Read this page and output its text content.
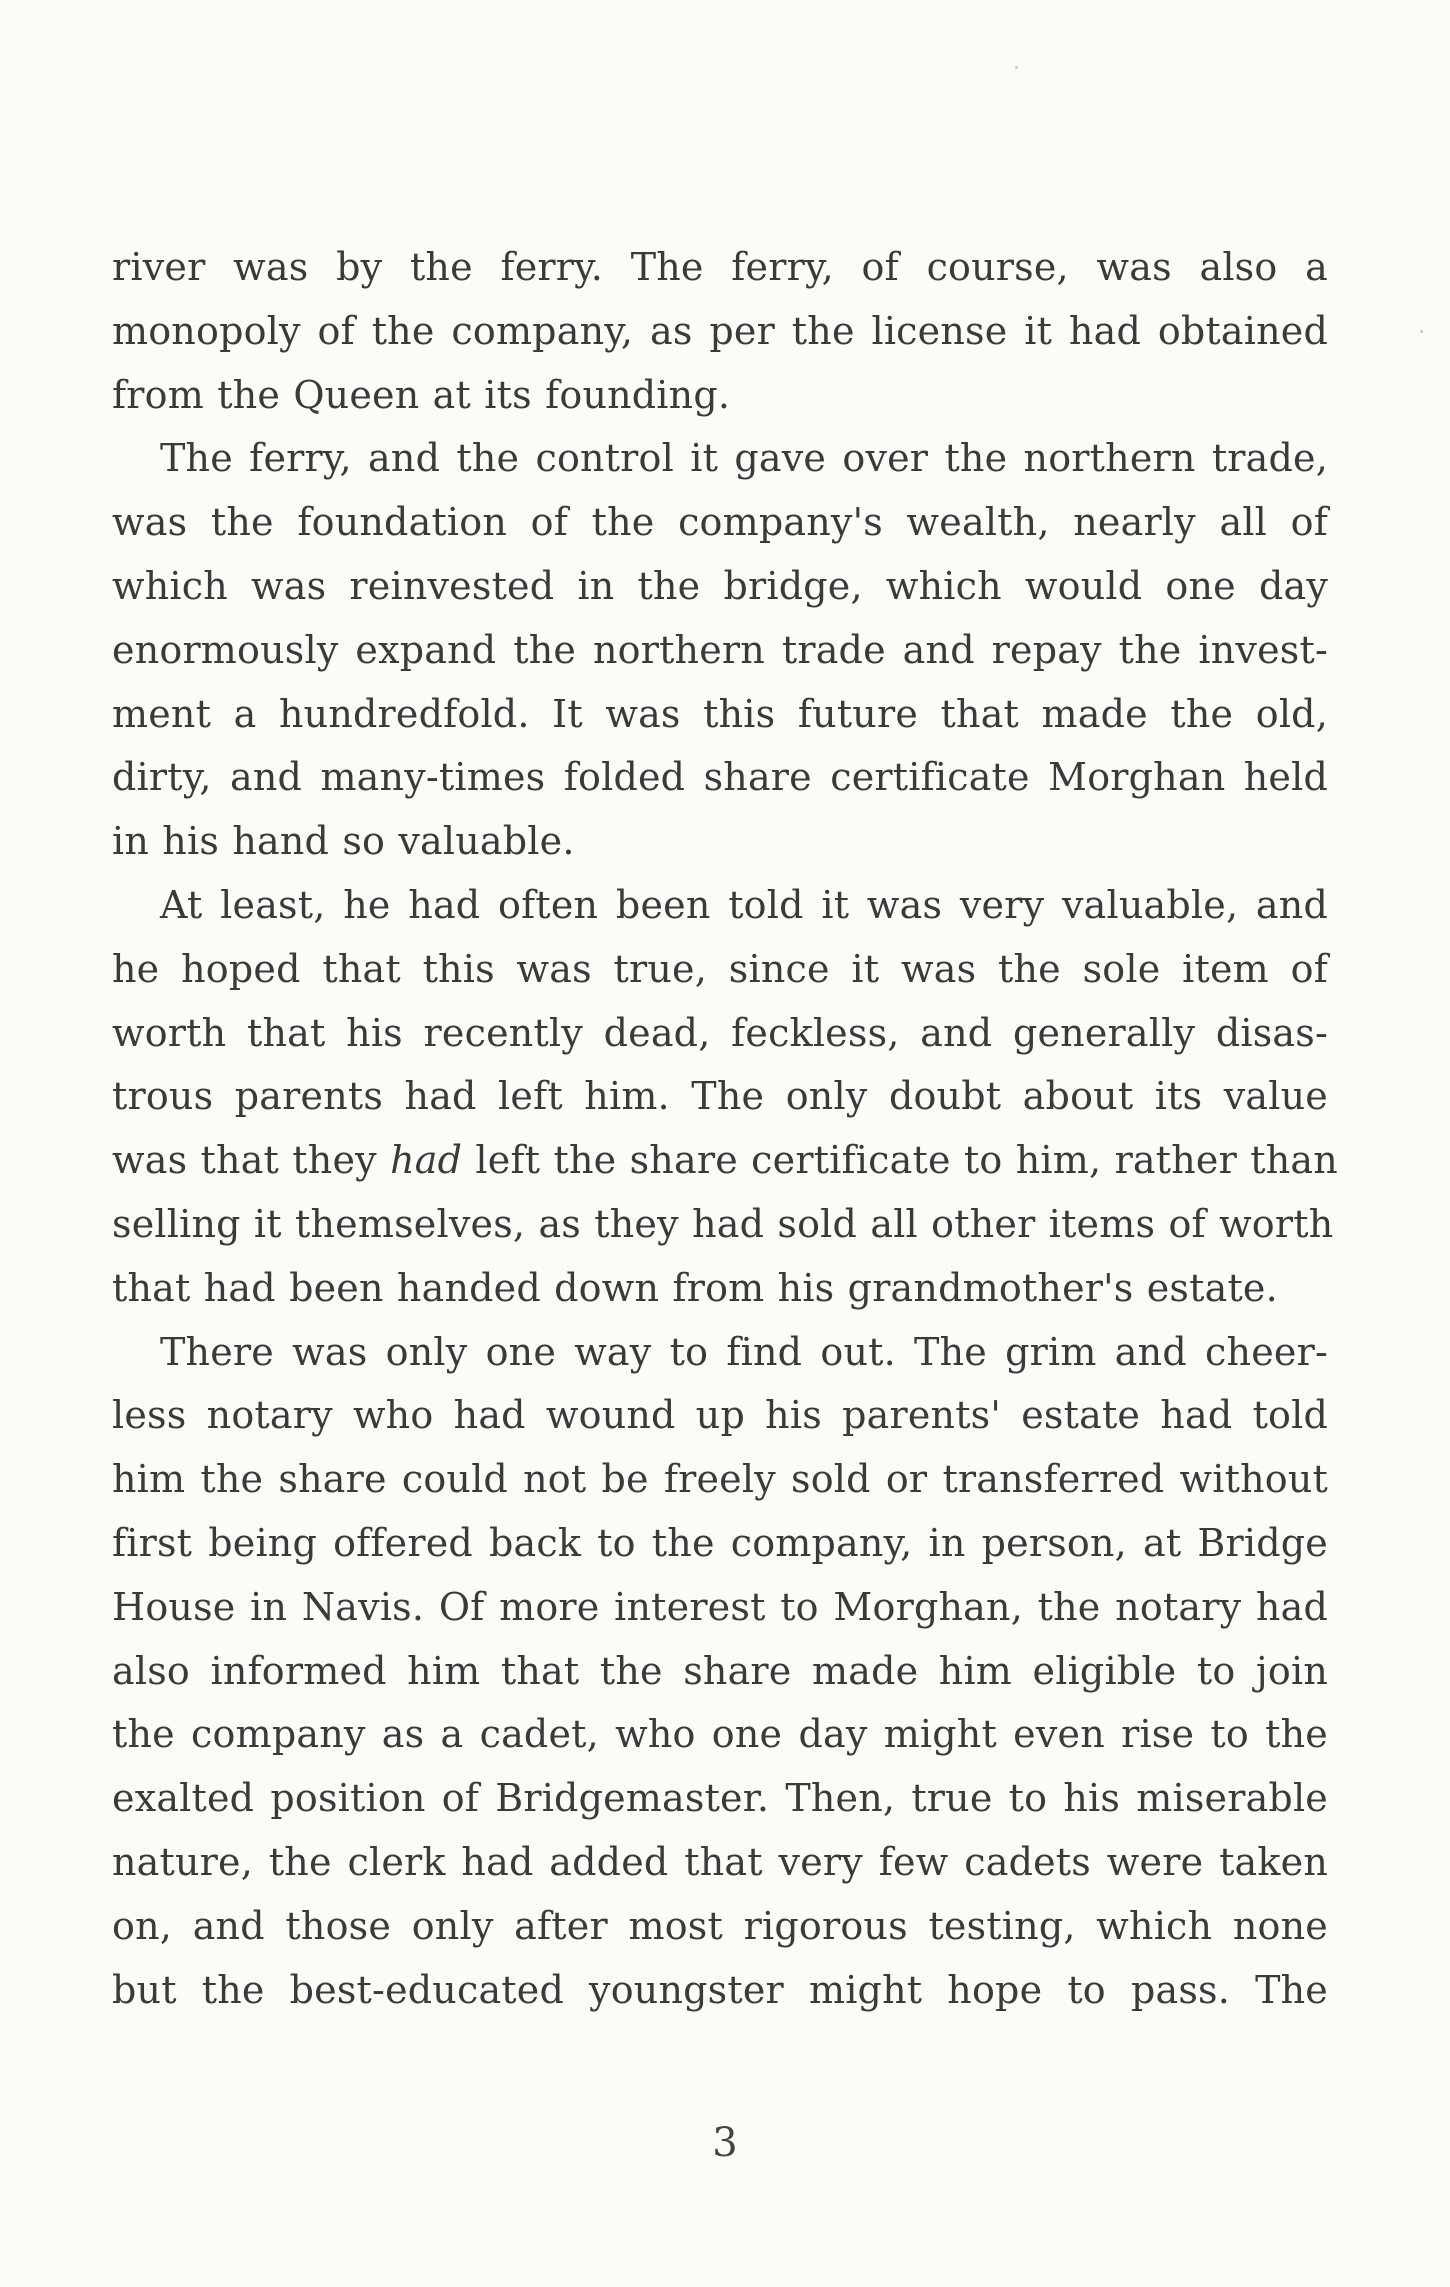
river was by the ferry. The ferry, of course, was also a
monopoly of the company, as per the license it had obtained
from the Queen at its founding.
The ferry, and the control it gave over the northern trade,
was the foundation of the company's wealth, nearly all of
which was reinvested in the bridge, which would one day
enormously expand the northern trade and repay the invest-
ment a hundredfold. It was this future that made the old,
dirty, and many-times folded share certificate Morghan held
in his hand so valuable.
At least, he had often been told it was very valuable, and
he hoped that this was true, since it was the sole item of
worth that his recently dead, feckless, and generally disas-
trous parents had left him. The only doubt about its value
was that they had left the share certificate to him, rather than
selling it themselves, as they had sold all other items of worth
that had been handed down from his grandmother's estate.
There was only one way to find out. The grim and cheer-
less notary who had wound up his parents' estate had told
him the share could not be freely sold or transferred without
first being offered back to the company, in person, at Bridge
House in Navis. Of more interest to Morghan, the notary had
also informed him that the share made him eligible to join
the company as a cadet, who one day might even rise to the
exalted position of Bridgemaster. Then, true to his miserable
nature, the clerk had added that very few cadets were taken
on, and those only after most rigorous testing, which none
but the best-educated youngster might hope to pass. The
3
